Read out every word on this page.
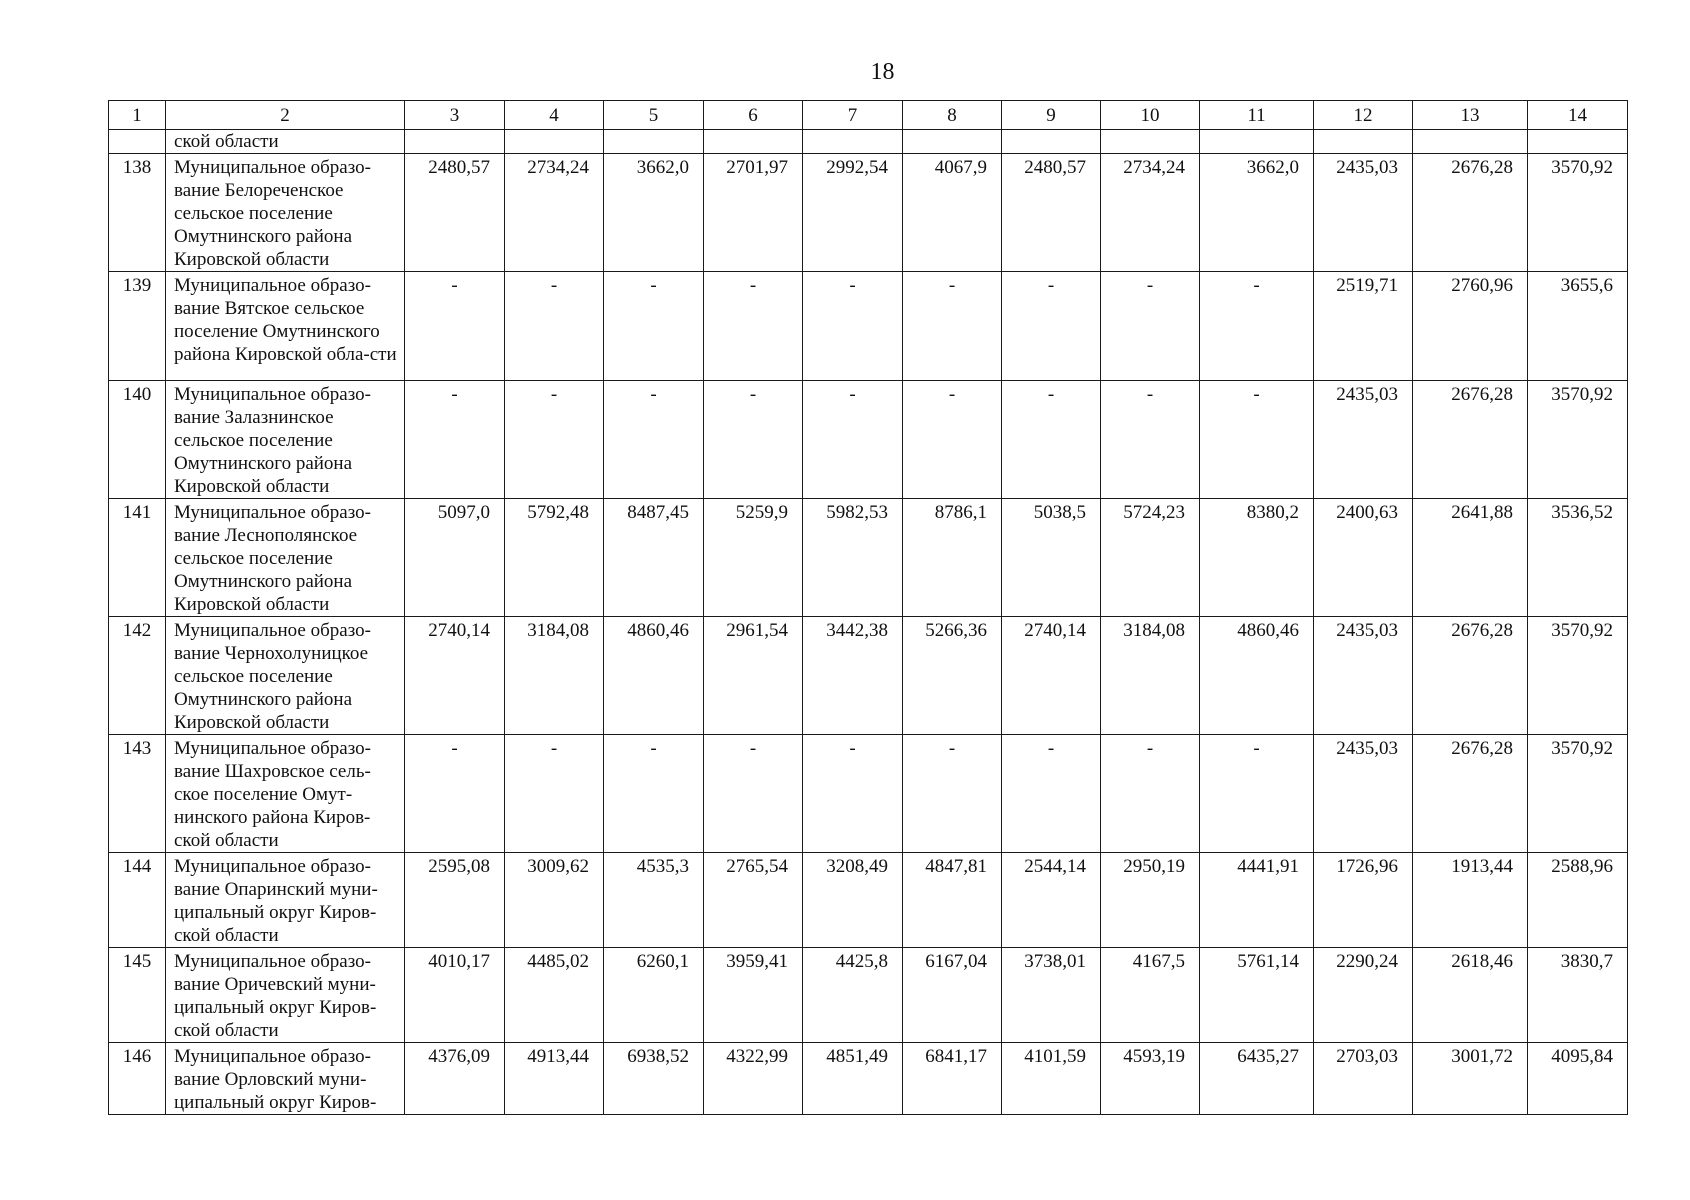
18
1	2	3	4	5	6	7	8	9	10	11	12	13	14
	ской области												
138	Муниципальное образо-вание Белореченское сельское поселение Омутнинского района Кировской области	2480,57	2734,24	3662,0	2701,97	2992,54	4067,9	2480,57	2734,24	3662,0	2435,03	2676,28	3570,92
139	Муниципальное образо-вание Вятское сельское поселение Омутнинского района Кировской обла-сти	-	-	-	-	-	-	-	-	-	2519,71	2760,96	3655,6
140	Муниципальное образо-вание Залазнинское сельское поселение Омутнинского района Кировской области	-	-	-	-	-	-	-	-	-	2435,03	2676,28	3570,92
141	Муниципальное образо-вание Леснополянское сельское поселение Омутнинского района Кировской области	5097,0	5792,48	8487,45	5259,9	5982,53	8786,1	5038,5	5724,23	8380,2	2400,63	2641,88	3536,52
142	Муниципальное образо-вание Чернохолуницкое сельское поселение Омутнинского района Кировской области	2740,14	3184,08	4860,46	2961,54	3442,38	5266,36	2740,14	3184,08	4860,46	2435,03	2676,28	3570,92
143	Муниципальное образо-вание Шахровское сель-ское поселение Омут-нинского района Киров-ской области	-	-	-	-	-	-	-	-	-	2435,03	2676,28	3570,92
144	Муниципальное образо-вание Опаринский муни-ципальный округ Киров-ской области	2595,08	3009,62	4535,3	2765,54	3208,49	4847,81	2544,14	2950,19	4441,91	1726,96	1913,44	2588,96
145	Муниципальное образо-вание Оричевский муни-ципальный округ Киров-ской области	4010,17	4485,02	6260,1	3959,41	4425,8	6167,04	3738,01	4167,5	5761,14	2290,24	2618,46	3830,7
146	Муниципальное образо-вание Орловский муни-ципальный округ Киров-	4376,09	4913,44	6938,52	4322,99	4851,49	6841,17	4101,59	4593,19	6435,27	2703,03	3001,72	4095,84
